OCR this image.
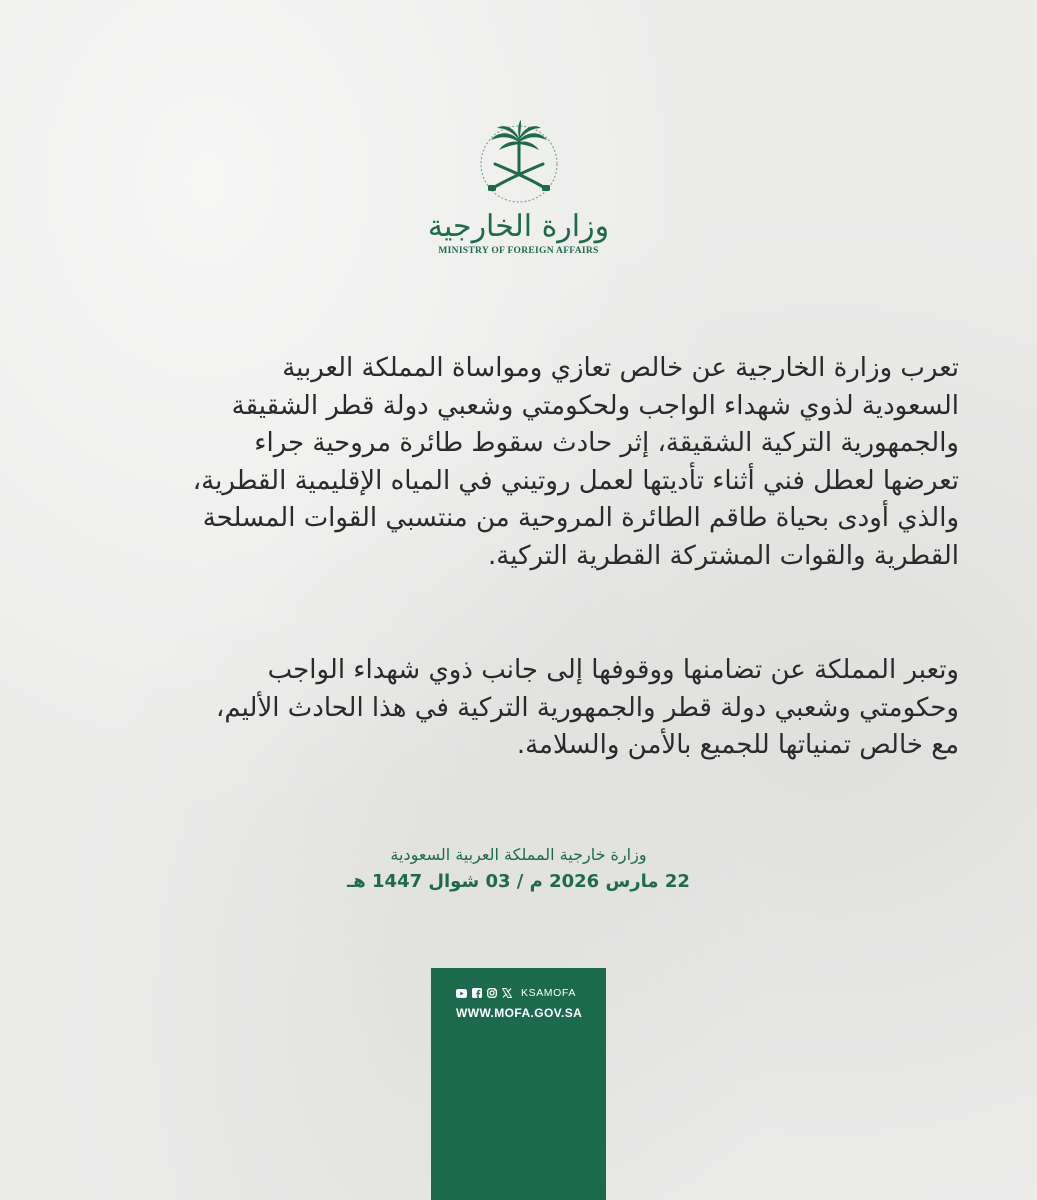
وزارة الخارجية
MINISTRY OF FOREIGN AFFAIRS
تعرب وزارة الخارجية عن خالص تعازي ومواساة المملكة العربية
السعودية لذوي شهداء الواجب ولحكومتي وشعبي دولة قطر الشقيقة
والجمهورية التركية الشقيقة، إثر حادث سقوط طائرة مروحية جراء
تعرضها لعطل فني أثناء تأديتها لعمل روتيني في المياه الإقليمية القطرية،
والذي أودى بحياة طاقم الطائرة المروحية من منتسبي القوات المسلحة
القطرية والقوات المشتركة القطرية التركية.
وتعبر المملكة عن تضامنها ووقوفها إلى جانب ذوي شهداء الواجب
وحكومتي وشعبي دولة قطر والجمهورية التركية في هذا الحادث الأليم،
مع خالص تمنياتها للجميع بالأمن والسلامة.
وزارة خارجية المملكة العربية السعودية
22 مارس 2026 م / 03 شوال 1447 هـ
KSAMOFA
WWW.MOFA.GOV.SA
